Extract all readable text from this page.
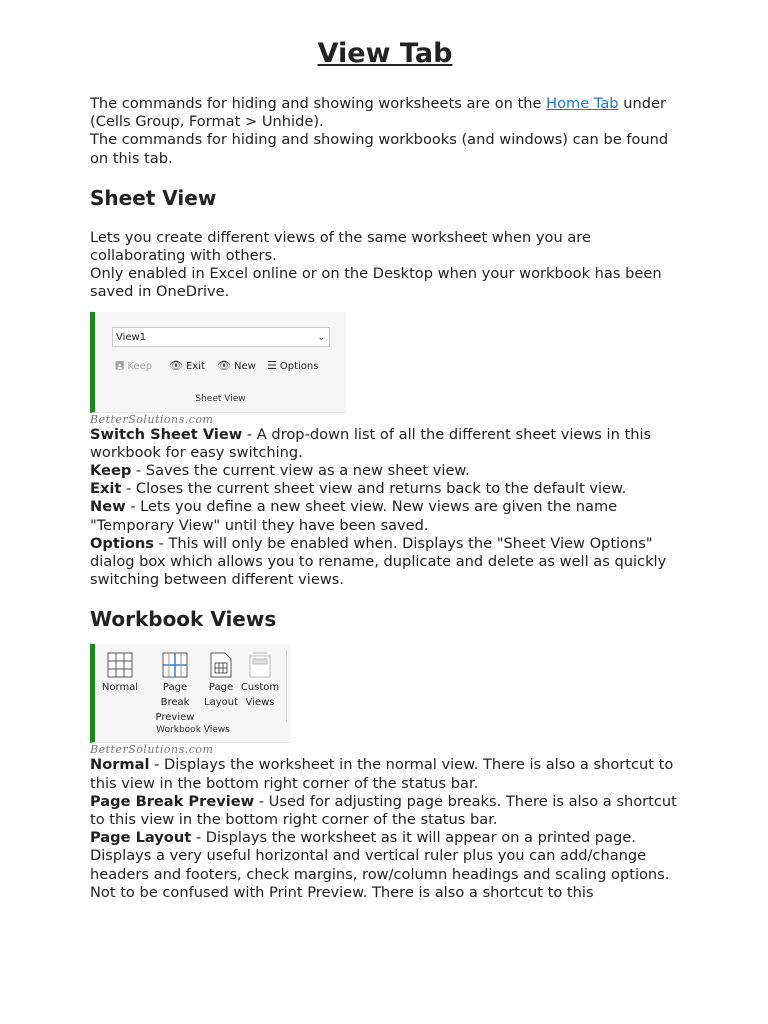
View Tab

The commands for hiding and showing worksheets are on the Home Tab under (Cells Group, Format > Unhide).

The commands for hiding and showing workbooks (and windows) can be found on this tab.

Sheet View

Lets you create different views of the same worksheet when you are collaborating with others.

Only enabled in Excel online or on the Desktop when your workbook has been saved in OneDrive.

View1	⌄
🖪 Keep 👁 Exit 👁 New ☰ Options
Sheet View
BetterSolutions.com

Switch Sheet View - A drop-down list of all the different sheet views in this workbook for easy switching.

Keep - Saves the current view as a new sheet view.

Exit - Closes the current sheet view and returns back to the default view.

New - Lets you define a new sheet view. New views are given the name "Temporary View" until they have been saved.

Options - This will only be enabled when. Displays the "Sheet View Options" dialog box which allows you to rename, duplicate and delete as well as quickly switching between different views.

Workbook Views
Normal	Page Break
Preview
Page
Layout
Custom
Views
Workbook Views
BetterSolutions.com

Normal - Displays the worksheet in the normal view. There is also a shortcut to this view in the bottom right corner of the status bar.

Page Break Preview - Used for adjusting page breaks. There is also a shortcut to this view in the bottom right corner of the status bar.

Page Layout - Displays the worksheet as it will appear on a printed page. Displays a very useful horizontal and vertical ruler plus you can add/change headers and footers, check margins, row/column headings and scaling options. Not to be confused with Print Preview. There is also a shortcut to this
